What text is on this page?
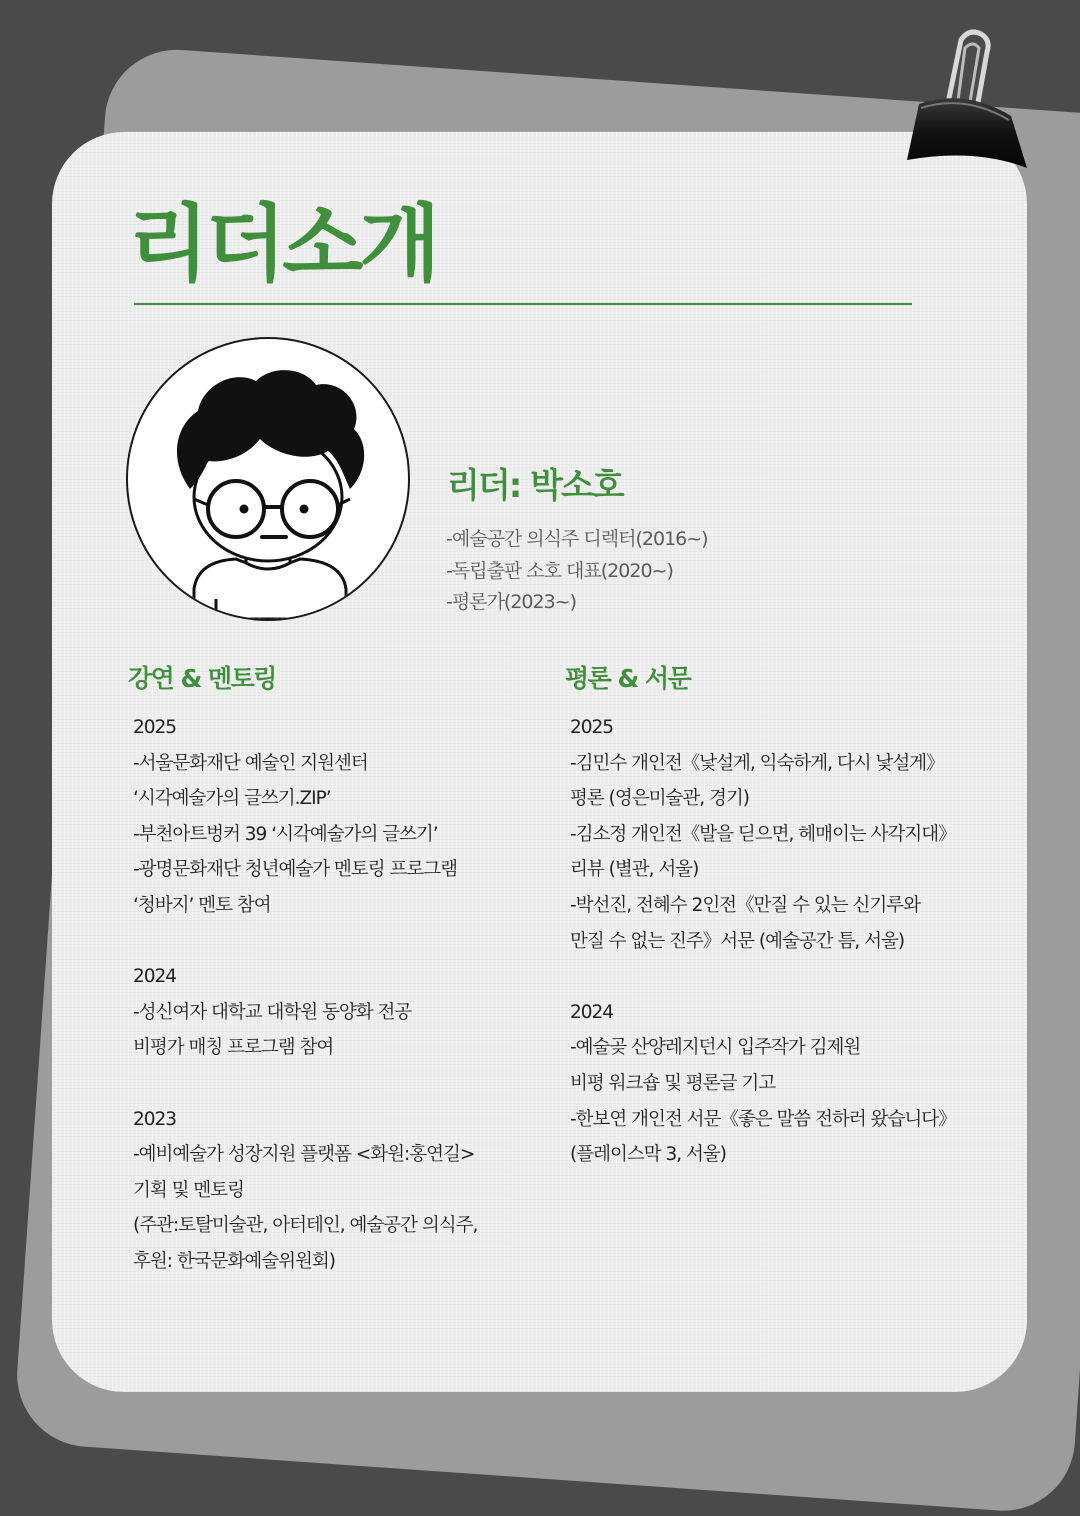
리더소개
리더: 박소호
-예술공간 의식주 디렉터(2016~)
-독립출판 소호 대표(2020~)
-평론가(2023~)
강연 & 멘토링
2025
-서울문화재단 예술인 지원센터
‘시각예술가의 글쓰기.ZIP’
-부천아트벙커 39 ‘시각예술가의 글쓰기’
-광명문화재단 청년예술가 멘토링 프로그램
‘청바지’ 멘토 참여
2024
-성신여자 대학교 대학원 동양화 전공
비평가 매칭 프로그램 참여
2023
-예비예술가 성장지원 플랫폼 <화원:홍연길>
기획 및 멘토링
(주관:토탈미술관, 아터테인, 예술공간 의식주,
후원: 한국문화예술위원회)
평론 & 서문
2025
-김민수 개인전《낯설게, 익숙하게, 다시 낯설게》
평론 (영은미술관, 경기)
-김소정 개인전《발을 딛으면, 헤매이는 사각지대》
리뷰 (별관, 서울)
-박선진, 전혜수 2인전《만질 수 있는 신기루와
만질 수 없는 진주》서문 (예술공간 틈, 서울)
2024
-예술곶 산양레지던시 입주작가 김제원
비평 워크숍 및 평론글 기고
-한보연 개인전 서문《좋은 말씀 전하러 왔습니다》
(플레이스막 3, 서울)
